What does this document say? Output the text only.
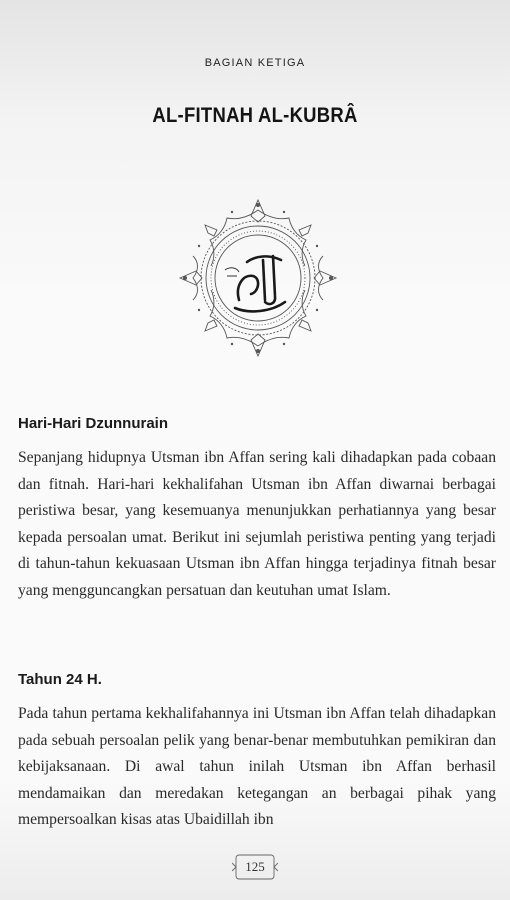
BAGIAN KETIGA
AL-FITNAH AL-KUBRÂ
Hari-Hari Dzunnurain

Sepanjang hidupnya Utsman ibn Affan sering kali dihadapkan pada cobaan dan fitnah. Hari-hari kekhalifahan Utsman ibn Affan diwarnai berbagai peristiwa besar, yang kesemuanya menunjukkan perhatiannya yang besar kepada persoalan umat. Berikut ini sejumlah peristiwa penting yang terjadi di tahun-tahun kekuasaan Utsman ibn Affan hingga terjadinya fitnah besar yang mengguncangkan persatuan dan keutuhan umat Islam.

Tahun 24 H.

Pada tahun pertama kekhalifahannya ini Utsman ibn Affan telah dihadapkan pada sebuah persoalan pelik yang benar-benar membutuhkan pemikiran dan kebijaksanaan. Di awal tahun inilah Utsman ibn Affan berhasil mendamaikan dan meredakan ketegangan an berbagai pihak yang mempersoalkan kisas atas Ubaidillah ibn

125
